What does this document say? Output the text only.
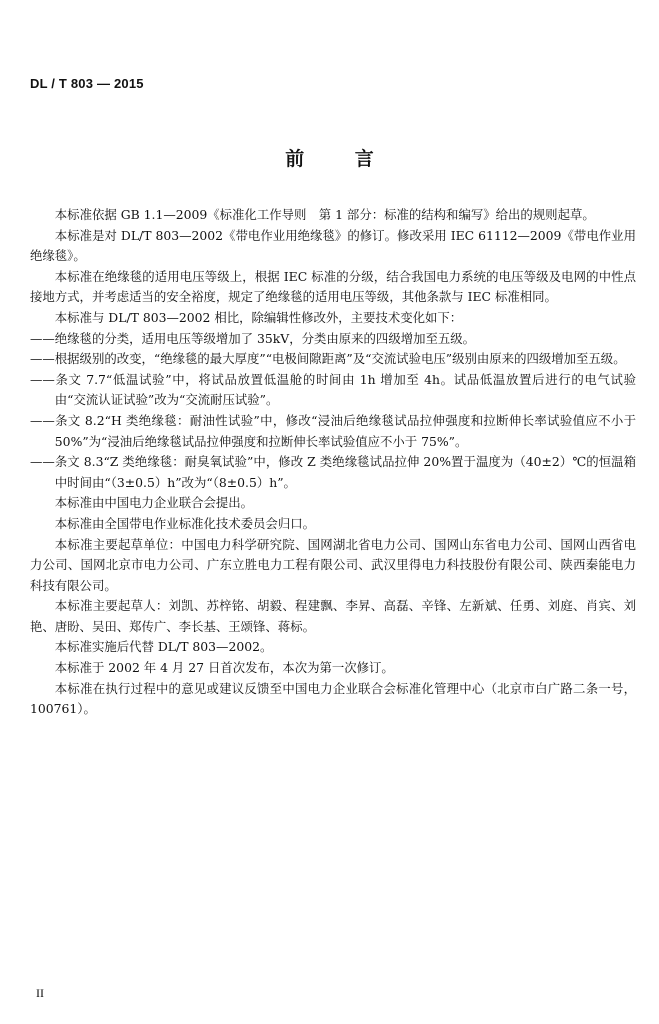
DL / T 803 — 2015
前 言

本标准依据 GB 1.1—2009《标准化工作导则　第 1 部分：标准的结构和编写》给出的规则起草。

本标准是对 DL/T 803—2002《带电作业用绝缘毯》的修订。修改采用 IEC 61112—2009《带电作业用绝缘毯》。

本标准在绝缘毯的适用电压等级上，根据 IEC 标准的分级，结合我国电力系统的电压等级及电网的中性点接地方式，并考虑适当的安全裕度，规定了绝缘毯的适用电压等级，其他条款与 IEC 标准相同。

本标准与 DL/T 803—2002 相比，除编辑性修改外，主要技术变化如下：

——绝缘毯的分类，适用电压等级增加了 35kV，分类由原来的四级增加至五级。

——根据级别的改变，“绝缘毯的最大厚度”“电极间隙距离”及“交流试验电压”级别由原来的四级增加至五级。

——条文 7.7“低温试验”中，将试品放置低温舱的时间由 1h 增加至 4h。试品低温放置后进行的电气试验由“交流认证试验”改为“交流耐压试验”。

——条文 8.2“H 类绝缘毯：耐油性试验”中，修改“浸油后绝缘毯试品拉伸强度和拉断伸长率试验值应不小于 50%”为“浸油后绝缘毯试品拉伸强度和拉断伸长率试验值应不小于 75%”。

——条文 8.3“Z 类绝缘毯：耐臭氧试验”中，修改 Z 类绝缘毯试品拉伸 20%置于温度为（40±2）℃的恒温箱中时间由“（3±0.5）h”改为“（8±0.5）h”。

本标准由中国电力企业联合会提出。

本标准由全国带电作业标准化技术委员会归口。

本标准主要起草单位：中国电力科学研究院、国网湖北省电力公司、国网山东省电力公司、国网山西省电力公司、国网北京市电力公司、广东立胜电力工程有限公司、武汉里得电力科技股份有限公司、陕西秦能电力科技有限公司。

本标准主要起草人：刘凯、苏梓铭、胡毅、程建飘、李昇、高磊、辛锋、左新斌、任勇、刘庭、肖宾、刘艳、唐盼、吴田、郑传广、李长基、王颂锋、蒋标。

本标准实施后代替 DL/T 803—2002。

本标准于 2002 年 4 月 27 日首次发布，本次为第一次修订。

本标准在执行过程中的意见或建议反馈至中国电力企业联合会标准化管理中心（北京市白广路二条一号，100761）。

II
